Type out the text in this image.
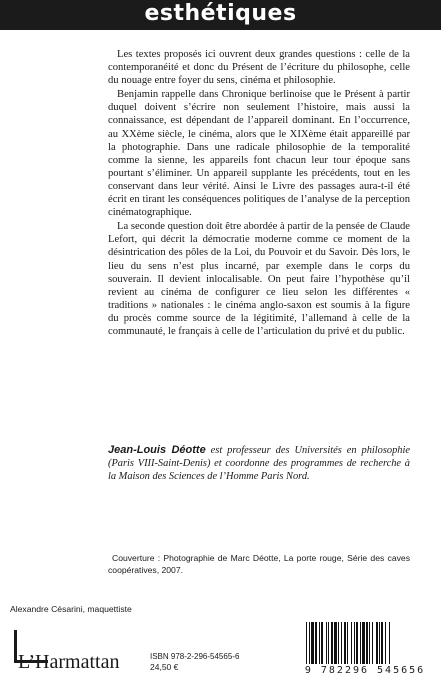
esthétiques

Les textes proposés ici ouvrent deux grandes questions : celle de la contemporanéité et donc du Présent de l’écriture du philosophe, celle du nouage entre foyer du sens, cinéma et philosophie.

Benjamin rappelle dans Chronique berlinoise que le Présent à partir duquel doivent s’écrire non seulement l’histoire, mais aussi la connaissance, est dépendant de l’appareil dominant. En l’occurrence, au XXème siècle, le cinéma, alors que le XIXème était appareillé par la photographie. Dans une radicale philosophie de la temporalité comme la sienne, les appareils font chacun leur tour époque sans pourtant s’éliminer. Un appareil supplante les précédents, tout en les conservant dans leur vérité. Ainsi le Livre des passages aura-t-il été écrit en tirant les conséquences politiques de l’analyse de la perception cinématographique.

La seconde question doit être abordée à partir de la pensée de Claude Lefort, qui décrit la démocratie moderne comme ce moment de la désintrication des pôles de la Loi, du Pouvoir et du Savoir. Dès lors, le lieu du sens n’est plus incarné, par exemple dans le corps du souverain. Il devient inlocalisable. On peut faire l’hypothèse qu’il revient au cinéma de configurer ce lieu selon les différentes « traditions » nationales : le cinéma anglo-saxon est soumis à la figure du procès comme source de la légitimité, l’allemand à celle de la communauté, le français à celle de l’articulation du privé et du public.

Jean-Louis Déotte est professeur des Universités en philosophie (Paris VIII-Saint-Denis) et coordonne des programmes de recherche à la Maison des Sciences de l’Homme Paris Nord.
Couverture : Photographie de Marc Déotte, La porte rouge, Série des caves coopératives, 2007.
Alexandre Césarini, maquettiste
L’Harmattan	ISBN 978-2-296-54565-6
24,50 €	9 782296 545656
